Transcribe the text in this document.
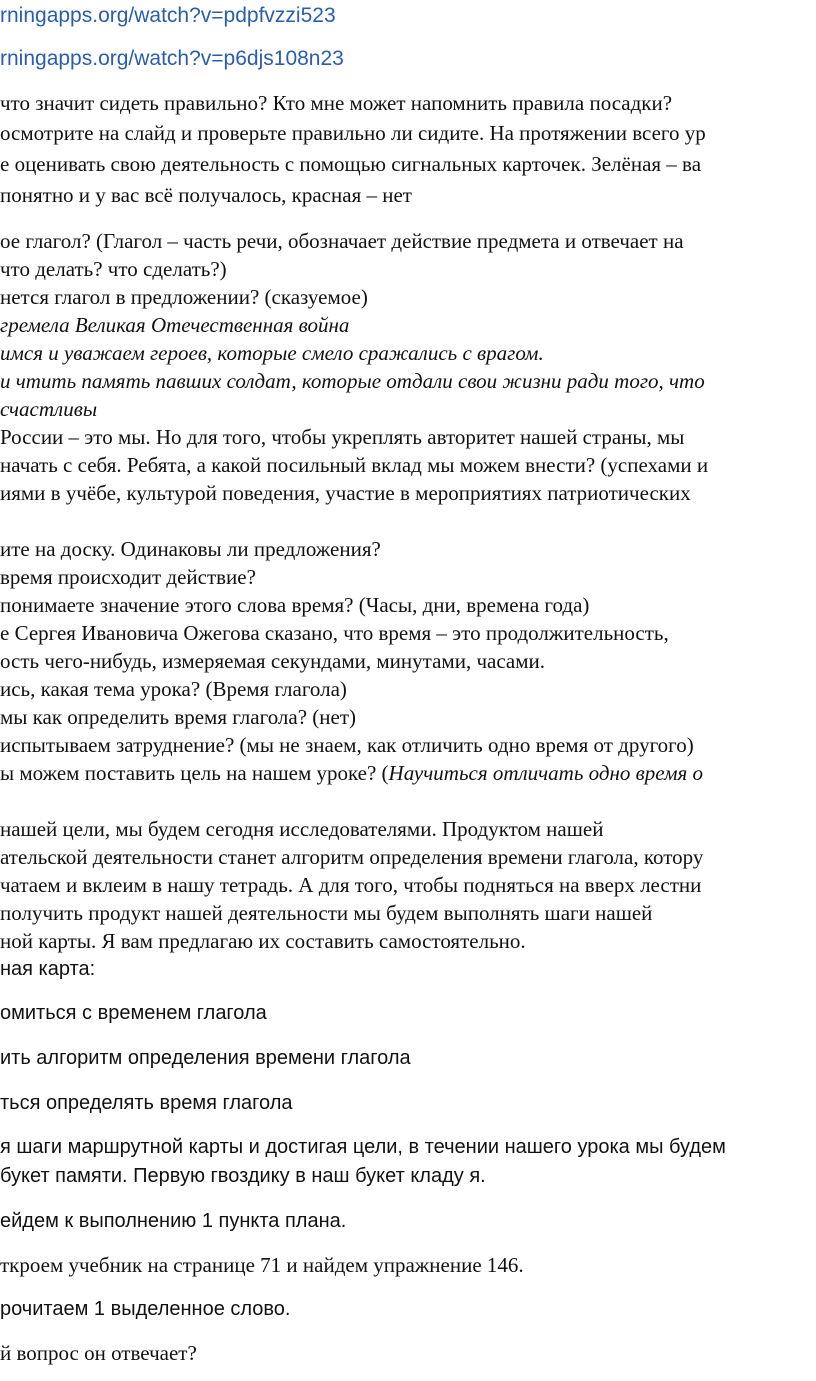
rningapps.org/watch?v=pdpfvzzi523
rningapps.org/watch?v=p6djs108n23
что значит сидеть правильно? Кто мне может напомнить правила посадки?
осмотрите на слайд и проверьте правильно ли сидите. На протяжении всего ур
е оценивать свою деятельность с помощью сигнальных карточек. Зелёная – ва
понятно и у вас всё получалось, красная – нет
ое глагол? (Глагол – часть речи, обозначает действие предмета и отвечает на
что делать? что сделать?)
нется глагол в предложении? (сказуемое)
гремела Великая Отечественная война
имся и уважаем героев, которые смело сражались с врагом.
и чтить память павших солдат, которые отдали свои жизни ради того, что
счастливы
России – это мы. Но для того, чтобы укреплять авторитет нашей страны, мы
начать с себя. Ребята, а какой посильный вклад мы можем внести? (успехами и
иями в учёбе, культурой поведения, участие в мероприятиях патриотических
ите на доску. Одинаковы ли предложения?
время происходит действие?
понимаете значение этого слова время? (Часы, дни, времена года)
е Сергея Ивановича Ожегова сказано, что время – это продолжительность,
ость чего-нибудь, измеряемая секундами, минутами, часами.
ись, какая тема урока? (Время глагола)
мы как определить время глагола? (нет)
испытываем затруднение? (мы не знаем, как отличить одно время от другого)
ы можем поставить цель на нашем уроке? (Научиться отличать одно время о
нашей цели, мы будем сегодня исследователями. Продуктом нашей
ательской деятельности станет алгоритм определения времени глагола, котору
чатаем и вклеим в нашу тетрадь. А для того, чтобы подняться на вверх лестни
получить продукт нашей деятельности мы будем выполнять шаги нашей
ной карты. Я вам предлагаю их составить самостоятельно.
ная карта:
омиться с временем глагола
ить алгоритм определения времени глагола
ться определять время глагола
я шаги маршрутной карты и достигая цели, в течении нашего урока мы будем
букет памяти. Первую гвоздику в наш букет кладу я.
ейдем к выполнению 1 пункта плана.
ткроем учебник на странице 71 и найдем упражнение 146.
рочитаем 1 выделенное слово.
й вопрос он отвечает?
